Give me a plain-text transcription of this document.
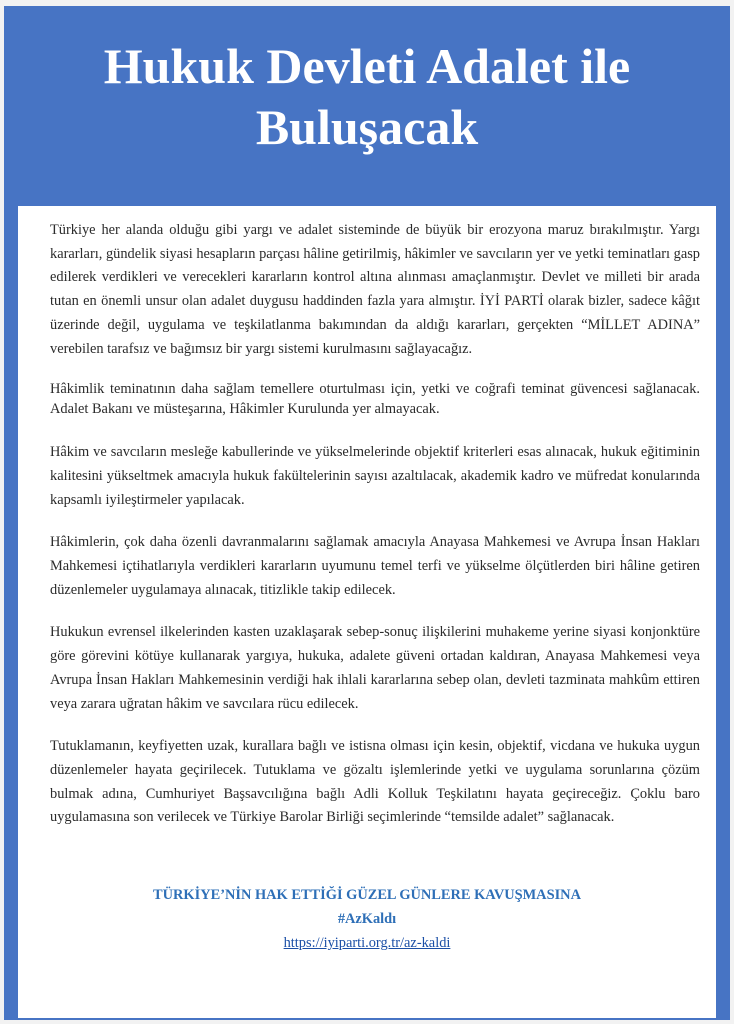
Hukuk Devleti Adalet ile
Buluşacak

Türkiye her alanda olduğu gibi yargı ve adalet sisteminde de büyük bir erozyona maruz bırakılmıştır. Yargı kararları, gündelik siyasi hesapların parçası hâline getirilmiş, hâkimler ve savcıların yer ve yetki teminatları gasp edilerek verdikleri ve verecekleri kararların kontrol altına alınması amaçlanmıştır. Devlet ve milleti bir arada tutan en önemli unsur olan adalet duygusu haddinden fazla yara almıştır. İYİ PARTİ olarak bizler, sadece kâğıt üzerinde değil, uygulama ve teşkilatlanma bakımından da aldığı kararları, gerçekten “MİLLET ADINA” verebilen tarafsız ve bağımsız bir yargı sistemi kurulmasını sağlayacağız.

Hâkimlik teminatının daha sağlam temellere oturtulması için, yetki ve coğrafi teminat güvencesi sağlanacak. Adalet Bakanı ve müsteşarına, Hâkimler Kurulunda yer almayacak.

Hâkim ve savcıların mesleğe kabullerinde ve yükselmelerinde objektif kriterleri esas alınacak, hukuk eğitiminin kalitesini yükseltmek amacıyla hukuk fakültelerinin sayısı azaltılacak, akademik kadro ve müfredat konularında kapsamlı iyileştirmeler yapılacak.

Hâkimlerin, çok daha özenli davranmalarını sağlamak amacıyla Anayasa Mahkemesi ve Avrupa İnsan Hakları Mahkemesi içtihatlarıyla verdikleri kararların uyumunu temel terfi ve yükselme ölçütlerden biri hâline getiren düzenlemeler uygulamaya alınacak, titizlikle takip edilecek.

Hukukun evrensel ilkelerinden kasten uzaklaşarak sebep-sonuç ilişkilerini muhakeme yerine siyasi konjonktüre göre görevini kötüye kullanarak yargıya, hukuka, adalete güveni ortadan kaldıran, Anayasa Mahkemesi veya Avrupa İnsan Hakları Mahkemesinin verdiği hak ihlali kararlarına sebep olan, devleti tazminata mahkûm ettiren veya zarara uğratan hâkim ve savcılara rücu edilecek.

Tutuklamanın, keyfiyetten uzak, kurallara bağlı ve istisna olması için kesin, objektif, vicdana ve hukuka uygun düzenlemeler hayata geçirilecek. Tutuklama ve gözaltı işlemlerinde yetki ve uygulama sorunlarına çözüm bulmak adına, Cumhuriyet Başsavcılığına bağlı Adli Kolluk Teşkilatını hayata geçireceğiz. Çoklu baro uygulamasına son verilecek ve Türkiye Barolar Birliği seçimlerinde “temsilde adalet” sağlanacak.

TÜRKİYE’NİN HAK ETTİĞİ GÜZEL GÜNLERE KAVUŞMASINA
#AzKaldı
https://iyiparti.org.tr/az-kaldi
